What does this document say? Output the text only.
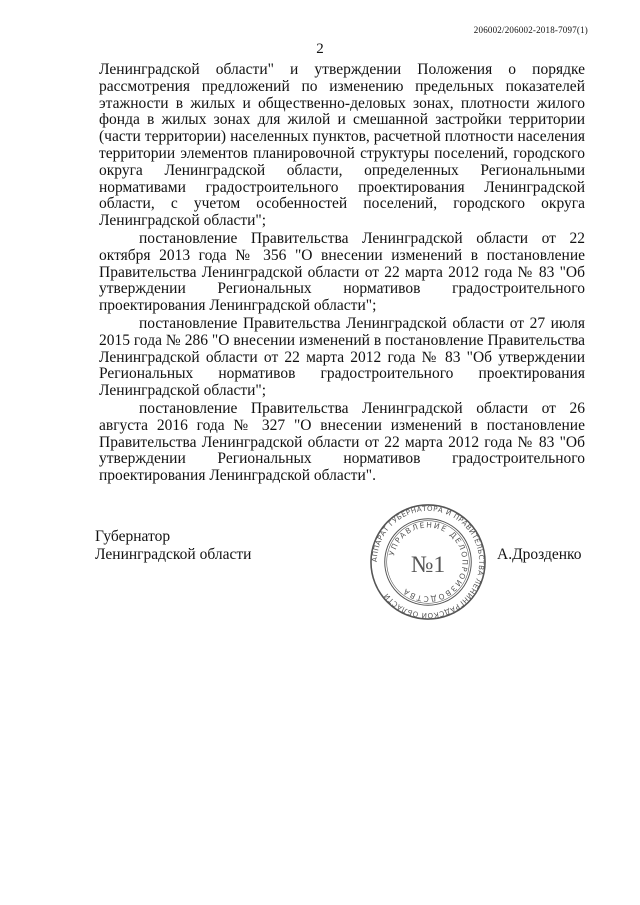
206002/206002-2018-7097(1)
2

Ленинградской области" и утверждении Положения о порядке рассмотрения предложений по изменению предельных показателей этажности в жилых и общественно-деловых зонах, плотности жилого фонда в жилых зонах для жилой и смешанной застройки территории (части территории) населенных пунктов, расчетной плотности населения территории элементов планировочной структуры поселений, городского округа Ленинградской области, определенных Региональными нормативами градостроительного проектирования Ленинградской области, с учетом особенностей поселений, городского округа Ленинградской области";

постановление Правительства Ленинградской области от 22 октября 2013 года № 356 "О внесении изменений в постановление Правительства Ленинградской области от 22 марта 2012 года № 83 "Об утверждении Региональных нормативов градостроительного проектирования Ленинградской области";

постановление Правительства Ленинградской области от 27 июля 2015 года № 286 "О внесении изменений в постановление Правительства Ленинградской области от 22 марта 2012 года № 83 "Об утверждении Региональных нормативов градостроительного проектирования Ленинградской области";

постановление Правительства Ленинградской области от 26 августа 2016 года № 327 "О внесении изменений в постановление Правительства Ленинградской области от 22 марта 2012 года № 83 "Об утверждении Региональных нормативов градостроительного проектирования Ленинградской области".

Губернатор
Ленинградской области	А.Дрозденко
АППАРАТ ГУБЕРНАТОРА И ПРАВИТЕЛЬСТВА ЛЕНИНГРАДСКОЙ ОБЛАСТИ
УПРАВЛЕНИЕ ДЕЛОПРОИЗВОДСТВА
№1
